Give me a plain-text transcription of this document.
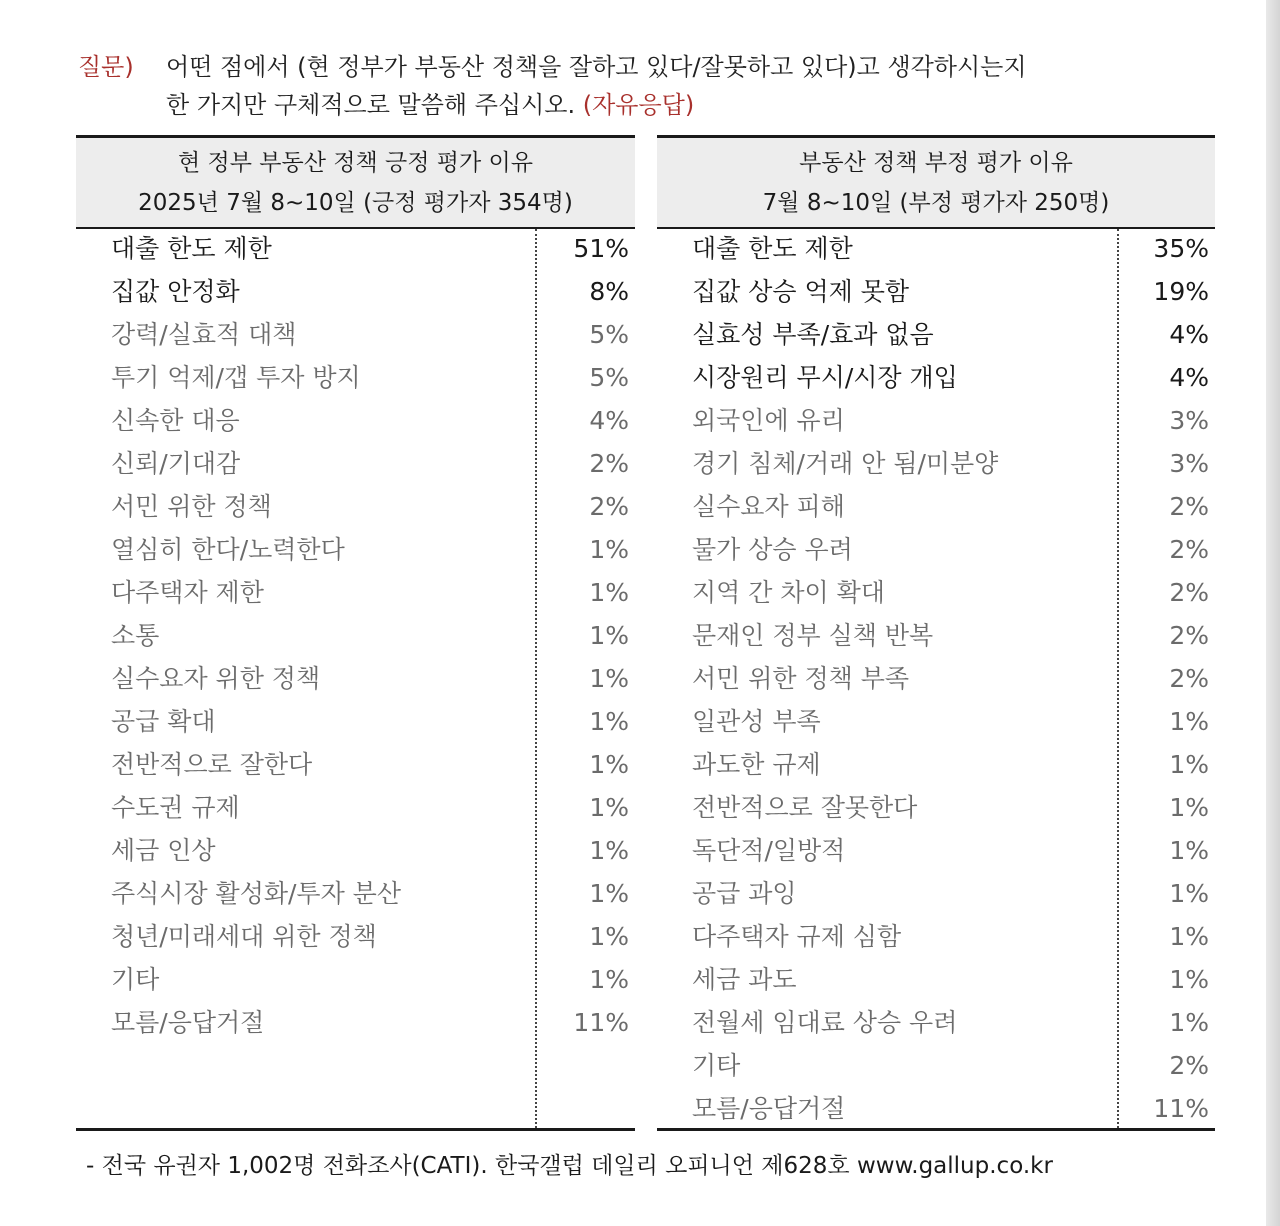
질문)	어떤 점에서 (현 정부가 부동산 정책을 잘하고 있다/잘못하고 있다)고 생각하시는지
한 가지만 구체적으로 말씀해 주십시오. (자유응답)
현 정부 부동산 정책 긍정 평가 이유
2025년 7월 8~10일 (긍정 평가자 354명)
대출 한도 제한	51%
집값 안정화	8%
강력/실효적 대책	5%
투기 억제/갭 투자 방지	5%
신속한 대응	4%
신뢰/기대감	2%
서민 위한 정책	2%
열심히 한다/노력한다	1%
다주택자 제한	1%
소통	1%
실수요자 위한 정책	1%
공급 확대	1%
전반적으로 잘한다	1%
수도권 규제	1%
세금 인상	1%
주식시장 활성화/투자 분산	1%
청년/미래세대 위한 정책	1%
기타	1%
모름/응답거절	11%
부동산 정책 부정 평가 이유
7월 8~10일 (부정 평가자 250명)
대출 한도 제한	35%
집값 상승 억제 못함	19%
실효성 부족/효과 없음	4%
시장원리 무시/시장 개입	4%
외국인에 유리	3%
경기 침체/거래 안 됨/미분양	3%
실수요자 피해	2%
물가 상승 우려	2%
지역 간 차이 확대	2%
문재인 정부 실책 반복	2%
서민 위한 정책 부족	2%
일관성 부족	1%
과도한 규제	1%
전반적으로 잘못한다	1%
독단적/일방적	1%
공급 과잉	1%
다주택자 규제 심함	1%
세금 과도	1%
전월세 임대료 상승 우려	1%
기타	2%
모름/응답거절	11%
- 전국 유권자 1,002명 전화조사(CATI). 한국갤럽 데일리 오피니언 제628호 www.gallup.co.kr
